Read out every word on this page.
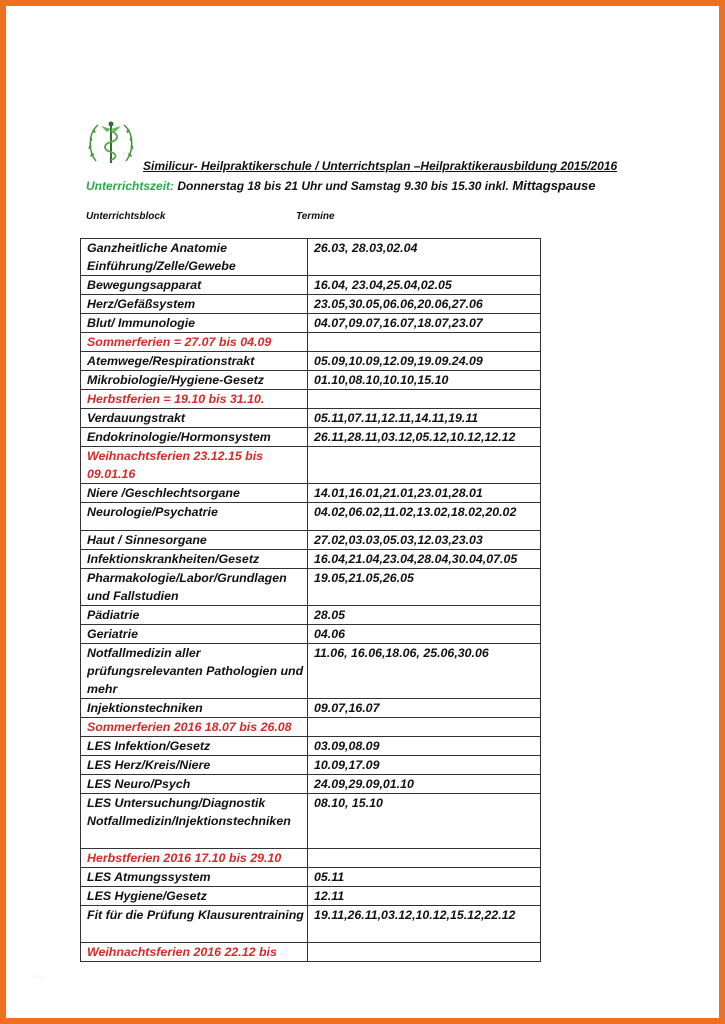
Similicur- Heilpraktikerschule / Unterrichtsplan –Heilpraktikerausbildung 2015/2016
Unterrichtszeit: Donnerstag 18 bis 21 Uhr und Samstag 9.30 bis 15.30 inkl. Mittagspause
Unterrichtsblock	Termine
Ganzheitliche Anatomie Einführung/Zelle/Gewebe	26.03, 28.03,02.04
Bewegungsapparat	16.04, 23.04,25.04,02.05
Herz/Gefäßsystem	23.05,30.05,06.06,20.06,27.06
Blut/ Immunologie	04.07,09.07,16.07,18.07,23.07
Sommerferien = 27.07 bis 04.09	
Atemwege/Respirationstrakt	05.09,10.09,12.09,19.09.24.09
Mikrobiologie/Hygiene-Gesetz	01.10,08.10,10.10,15.10
Herbstferien = 19.10 bis 31.10.	
Verdauungstrakt	05.11,07.11,12.11,14.11,19.11
Endokrinologie/Hormonsystem	26.11,28.11,03.12,05.12,10.12,12.12
Weihnachtsferien 23.12.15 bis 09.01.16	
Niere /Geschlechtsorgane	14.01,16.01,21.01,23.01,28.01
Neurologie/Psychatrie	04.02,06.02,11.02,13.02,18.02,20.02
Haut / Sinnesorgane	27.02,03.03,05.03,12.03,23.03
Infektionskrankheiten/Gesetz	16.04,21.04,23.04,28.04,30.04,07.05
Pharmakologie/Labor/Grundlagen und Fallstudien	19.05,21.05,26.05
Pädiatrie	28.05
Geriatrie	04.06
Notfallmedizin aller prüfungsrelevanten Pathologien und mehr	11.06, 16.06,18.06, 25.06,30.06
Injektionstechniken	09.07,16.07
Sommerferien 2016 18.07 bis 26.08	
LES Infektion/Gesetz	03.09,08.09
LES Herz/Kreis/Niere	10.09,17.09
LES Neuro/Psych	24.09,29.09,01.10
LES Untersuchung/Diagnostik Notfallmedizin/Injektionstechniken	08.10, 15.10
Herbstferien 2016 17.10 bis 29.10	
LES Atmungssystem	05.11
LES Hygiene/Gesetz	12.11
Fit für die Prüfung Klausurentraining	19.11,26.11,03.12,10.12,15.12,22.12
Weihnachtsferien 2016 22.12 bis	
·····
